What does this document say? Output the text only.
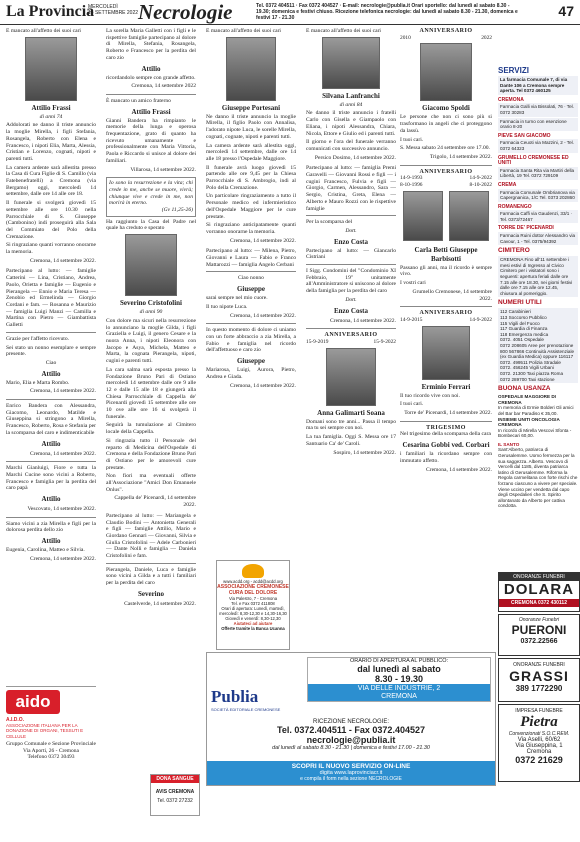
La Provincia
MERCOLEDÌ
14 SETTEMBRE 2022 Necrologie	Tel. 0372 404511 · Fax 0372 404527 · E-mail: necrologie@publia.it Orari sportello: dal lunedì al sabato 8.30 - 19.30; domenica e festivi chiuso. Ricezione telefonica necrologie: dal lunedì al sabato 8.30 - 21.30, domenica e festivi 17 - 21.30	47

È mancato all'affetto dei suoi cari

Attilio Frassi
di anni 74

Addolorati ne danno il triste annuncio la moglie Mirella, i figli Stefania, Rosangela, Roberto con Elena e Francesco, i nipoti Elia, Marta, Alessia, Cristian e Lorenzo, cognati, nipoti e parenti tutti.

La camera ardente sarà allestita presso la Casa di Cura Figlie di S. Camillo (via Fatebenefratelli) a Cremona (via Bergamo) oggi, mercoledì 14 settembre, dalle ore 14 alle ore 18.

Il funerale si svolgerà giovedì 15 settembre alle ore 10.30 nella Parrocchiale di S. Giuseppe (Cambonino) indi proseguirà alla Sala del Commiato del Polo della Cremazione.

Si ringraziano quanti vorranno onorarne la memoria.

Cremona, 14 settembre 2022.

Partecipano al lutto: — famiglie Catterini — Lina, Cristiano, Andrea, Paolo, Orietta e famiglie — Eugenio e Pierangela — Ennio e Maria Teresa — Zenobio ed Ermelinda — Giorgio Cordani e fam. — Rosanna e Maurizio — famiglia Luigi Manzi — Camilla e Martina con Pietro — Giambattista Galletti

Grazie per l'affetto ricevuto.

Sei stato un nonno esemplare e sempre presente.

Ciao

Attilio

Mario, Elia e Marta Rombo.

Cremona, 14 settembre 2022.

Enrico Bandera con Alessandra, Giacomo, Leonardo, Matilde e Giuseppina si stringono a Mirella, Francesco, Roberto, Rosa e Stefania per la scomparsa del caro e indimenticabile

Attilio
Cremona, 14 settembre 2022.

Marchi Gianluigi, Fiore e tutta la Marchi Cucine sono vicini a Roberto, Francesco e famiglia per la perdita del caro papà

Attilio
Vescovato, 14 settembre 2022.

Siamo vicini a zia Mirella e figli per la dolorosa perdita dello zio

Attilio

Eugenia, Carolina, Matteo e Silvia.

Cremona, 14 settembre 2022.
aido
A.I.D.O.
ASSOCIAZIONE ITALIANA PER LA DONAZIONE DI ORGANI, TESSUTI E CELLULE
Gruppo Comunale e Sezione Provinciale
Via Aporti, 26 - Cremona
Telefono 0372 30493

La sorella Maria Galletti con i figli e le rispettive famiglie partecipano al dolore di Mirella, Stefania, Rosangela, Roberto e Francesco per la perdita del caro zio

Attilio

ricordandolo sempre con grande affetto.

Cremona, 14 settembre 2022

È mancato un amico fraterno

Attilio Frassi

Gianni Bandera ha rimpianto le memorie della lunga e operosa frequentazione, grato di quanto ha ricevuto umanamente e professionalmente con Maria Vittoria, Paola e Riccardo si unisce al dolore dei familiari.

Villarosa, 14 settembre 2022.
Io sono la resurrezione e la vita; chi crede in me, anche se muore, vivrà; chiunque vive e crede in me, non morirà in eterno.
(Gv 11,25-26)

Ha raggiunto la Casa del Padre nel quale ha creduto e sperato

Severino Cristofolini
di anni 90

Con dolore ma sicuri nella resurrezione lo annunciano la moglie Gilda, i figli Graziella e Luigi, il genero Cesare e la nuora Anna, i nipoti Eleonora con Jacopo e Asya, Michela, Matteo e Marta, la cognata Pierangela, nipoti, cugini e parenti tutti.

La cara salma sarà esposta presso la Fondazione Bruno Pari di Ostiano mercoledì 14 settembre dalle ore 9 alle 12 e dalle 15 alle 18 e giungerà alla Chiesa Parrocchiale di Cappella de' Picenardi giovedì 15 settembre alle ore 10 ove alle ore 16 si svolgerà il funerale.

Seguirà la tumulazione al Cimitero locale della Cappella.

Si ringrazia tutto il Personale del reparto di Medicina dell'Ospedale di Cremona e della Fondazione Bruno Pari di Ostiano per le amorevoli cure prestate.

Non fiori ma eventuali offerte all'Associazione "Amici Don Emanuele Onlus".

Cappella de' Picenardi, 14 settembre 2022.

Partecipano al lutto: — Mariangela e Claudio Bodini — Antonietta Generali e figli — famiglie Attilio, Mario e Giordano Gennari — Giovanni, Silvia e Giulia Cristofolini — Adele Carbonieri — Dante Nolli e famiglia — Daniela Cristofolini e fam.

Pierangela, Daniele, Luca e famiglie sono vicini a Gilda e a tutti i familiari per la perdita del caro

Severino
Castelverde, 14 settembre 2022.
DONA SANGUE
AVIS CREMONA
Tel. 0372 27232

È mancato all'affetto dei suoi cari

Giuseppe Portesani

Ne danno il triste annuncio la moglie Mirella, il figlio Paolo con Annalisa, l'adorato nipote Luca, le sorelle Mirella, cognati, cognate, nipoti e parenti tutti.

La camera ardente sarà allestita oggi, mercoledì 14 settembre, dalle ore 14 alle 18 presso l'Ospedale Maggiore.

Il funerale avrà luogo giovedì 15 partendo alle ore 9,45 per la Chiesa Parrocchiale di S. Ambrogio, indi al Polo della Cremazione.

Un particolare ringraziamento a tutto il Personale medico ed infermieristico dell'Ospedale Maggiore per le cure prestate.

Si ringraziano anticipatamente quanti vorranno onorarne la memoria.

Cremona, 14 settembre 2022.

Partecipano al lutto: — Milena, Pietro, Giovanni e Laura — Fabio e Franco Mattarozzi — famiglia Angelo Cerbani

Ciao nonno

Giuseppe

sarai sempre nel mio cuore.

Il tuo nipote Luca.

Cremona, 14 settembre 2022.

In questo momento di dolore ci uniamo con un forte abbraccio a zia Mirella, a Fabio e famiglia nel ricordo dell'affettuoso e caro zio

Giuseppe

Mariarosa, Luigi, Aurora, Pietro, Andrea e Giada.

Cremona, 14 settembre 2022.
www.acdd.org - acdd@acdd.org
ASSOCIAZIONE CREMONESE CURA DEL DOLORE
Via Palestro, 7 - Cremona
Tel. e Fax 0372 411808
Orari di apertura: Lunedì, martedì, mercoledì: 8,30-12,30 e 14,30-16,30
Giovedì e venerdì: 8,30-12,30
Aiutateci ad aiutare
Offerte tramite la Banca Ucanna

È mancato all'affetto dei suoi cari

Silvana Lanfranchi
di anni 84

Ne danno il triste annuncio i fratelli Carlo con Gisella e Giampaolo con Eliana, i nipoti Alessandra, Chiara, Nicola, Ettore e Giulio ed i parenti tutti.

Il giorno e l'ora del funerale verranno comunicati con successivo annuncio.

Persico Dosimo, 14 settembre 2022.

Partecipano al lutto: — famiglia Premi Garavelli — Giovanni Rossi e figli — i cugini Francesco, Fulvia e figli — Giorgio, Carmen, Alessandro, Sara — Sergio, Cristina, Greta, Elena — Alberto e Mauro Rozzi con le rispettive famiglie

Per la scomparsa del

Dott.
Enzo Costa

Partecipano al lutto: — Giancarlo Cistriani

I Sigg. Condomini del "Condominio XI Febbraio, 19" unitamente all'Amministratore si uniscono al dolore della famiglia per la perdita del caro

Dott.
Enzo Costa
Cremona, 14 settembre 2022.
ANNIVERSARIO
15-9-2019	15-9-2022
Anna Galimarti Soana

Domani sono tre anni... Passa il tempo ma tu sei sempre con noi.

La tua famiglia. Oggi S. Messa ore 17 Santuario Ca' de' Caroli.

Sospiro, 14 settembre 2022.
ANNIVERSARIO
2010	2022
Giacomo Spoldi

Le persone che non ci sono più si trasformano in angeli che ci proteggono da lassù.

I tuoi cari.

S. Messa sabato 24 settembre ore 17.00.

Trigolo, 14 settembre 2022.
ANNIVERSARIO
14-9-1993	14-9-2022
8-10-1996	8-10-2022
Carla Betti Giuseppe Barbisotti

Passano gli anni, ma il ricordo è sempre vivo.

I vostri cari

Grumello Cremonese, 14 settembre 2022.
ANNIVERSARIO
14-9-2015	14-9-2022
Erminio Ferrari

Il tuo ricordo vive con noi.

I tuoi cari.

Torre de' Picenardi, 14 settembre 2022.
TRIGESIMO

Nel trigesimo della scomparsa della cara

Cesarina Gobbi ved. Corbari

i familiari la ricordano sempre con immutato affetto.

Cremona, 14 settembre 2022.
SERVIZI
La farmacia Comunale 7, di via Dante 106 a Cremona sempre aperta. Tel 0372 460125
CREMONA
Farmacia Galli via Bissolati, 76 · Tel. 0372 30283
Farmacia in turno con esenzione orario 8-20
PIEVE SAN GIACOMO
Farmacia Ceuoti via Mazzini, 2 - Tel. 0372 64323
GRUMELLO CREMONESE ED UNITI
Farmacia Santa Rita via Martiri della Libertà, 19 Tel. 0372 729109
CREMA
Farmacia Comunale Ombrianova via Capergnanica, 1/C Tel. 0373 202860
ROMANENGO
Farmacia Caffi via Gaudenzi, 33/1 · Tel. 0373/72467
TORRE DE' PICENARDI
Farmacia Ruini dottor Alessandro via Cavour, 1 - Tel. 0375/94392
CIMITERO
CREMONA Fino all'11 settembre i mesi estivi di Ingresso al Civico Cimitero per i visitatori sono i seguenti: apertura feriali dalle ore 7.15 alle ore 18.30, nei giorni festivi dalle ore 7.15 alle ore 12.45, chiusura al pomeriggio.
NUMERI UTILI
112 Carabinieri
113 Soccorso Pubblico
115 Vigili del Fuoco
117 Guardia di Finanza
118 Emergenza medica
0372. 4051 Ospedale
0372 208605 Aree per prenotazione
800 567866 Continuità Assistenziale (ex Guardia Medica) oppure 116117
0372. 499511 Polizia Stradale
0372. 456245 Vigili Urbani
0372. 21300 Taxi piazza Roma
0372 289700 Taxi stazione
BUONA USANZA
OSPEDALE MAGGIORE DI CREMONA
In memoria di Ermie Bolderi Gli amici del Bar bar Paradiso € 35,00.
INSIEME UNITI ONCOLOGIA CREMONA
In ricordo di Mirella Vescovi Sfonta - Bombecari 60,00.
IL SANTO
Sant'Alberto, patriarca di Gerusalemme. Uomo fermezza per la sua saggezza. Alberto. Vescovo di Vercelli dal 1185, diventa patriarca latino di Gerusalemme. Riforma la Regola carmelitana con forte rischi che forzano ciascuno a vivere per speciale. Viene ucciso per vendetta dal capo degli Ospedalieri che S. Spirito allontanato da Alberto per cattiva condotta.
ONORANZE FUNEBRI
DOLARA
CREMONA 0372 430112
Onoranze Funebri
PUERONI
0372.22566
ONORANZE FUNEBRI
GRASSI
389 1772290
IMPRESA FUNEBRE
Pietra
Convenzionati S.O.C.REM.
Via Aselli, 60/62
Via Giuseppina, 1
Cremona
0372 21629
Publia
SOCIETÀ EDITORIALE CREMONESE
ORARIO DI APERTURA AL PUBBLICO:
dal lunedì al sabato
8.30 - 19.30
VIA DELLE INDUSTRIE, 2
CREMONA
RICEZIONE NECROLOGIE:
Tel. 0372.404511 - Fax 0372.404527
necrologie@publia.it
dal lunedì al sabato 8.30 - 21.30 | domenica e festivi 17.00 - 21.30
SCOPRI IL NUOVO SERVIZIO ON-LINE
digita www.laprovinciacr.it
e compila il form nella sezione NECROLOGIE
